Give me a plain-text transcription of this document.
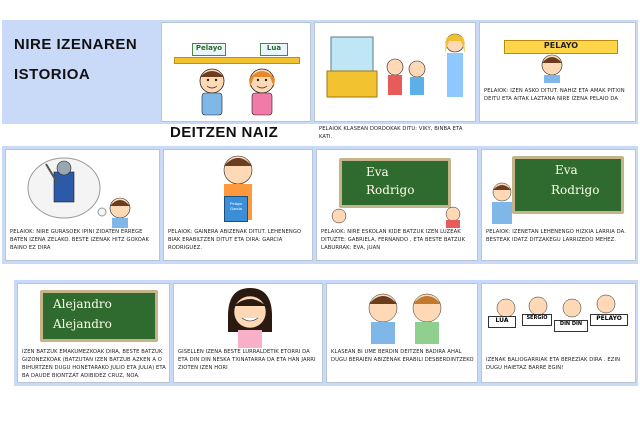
NIRE IZENAREN
ISTORIOA
Pelayo	Lua
PELAIOK KLASEAN DORDOKAK DITU: VIKY, BINBA ETA KATI.
PELAYO
PELAIOK: IZEN ASKO DITUT. NAHIZ ETA AMAK PITXIN DEITU ETA AITAK LAZTANA NIRE IZENA PELAIO DA
DEITZEN NAIZ
PELAIOK: NIRE GURASOEK IPINI ZIDATEN ERREGE BATEN IZENA ZELAKO. BESTE IZENAK HITZ GOXOAK BAINO EZ DIRA
Pelayo Garcia
PELAIOK: GAINERA ABIZENAK DITUT. LEHENENGO BIAK ERABILTZEN DITUT ETA DIRA: GARCIA RODRIGUEZ.
Eva
Rodrigo
PELAIOK: NIRE ESKOLAN KIDE BATZUK IZEN LUZEAK DITUZTE: GABRIELA, FERNANDO , ETA BESTE BATZUK LABURRAK: EVA, JUAN
Eva
Rodrigo
PELAIOK: IZENETAN LEHENENGO HIZKIA LARRIA DA. BESTEAK IDATZ DITZAKEGU LARRIZEDO MEHEZ.
Alejandro
Alejandro
IZEN BATZUK EMAKUMEZKOAK DIRA, BESTE BATZUK GIZONEZKOAK (BATZUTAN IZEN BATZUB AZKEN A O BIHURTZEN DUGU HONETARAKO JULIO ETA JULIA) ETA BA DAUDE BIONTZAT ADIBIDEZ CRUZ, NOA.
GISELLEN IZENA BESTE LURRALDETIK ETORRI DA ETA DIN DIN NESKA TXINATARRA DA ETA HAN JARRI ZIOTEN IZEN HORI
KLASEAN BI UME BERDIN DEITZEN BADIRA AHAL DUGU BERAIEN ABIZENAK ERABILI DESBERDINTZEKO
LUA	SERGIO
DIN DIN
PELAYO
IZENAK BALIOGARRIAK ETA BEREZIAK DIRA . EZIN DUGU HAIETAZ BARRE EGIN!
